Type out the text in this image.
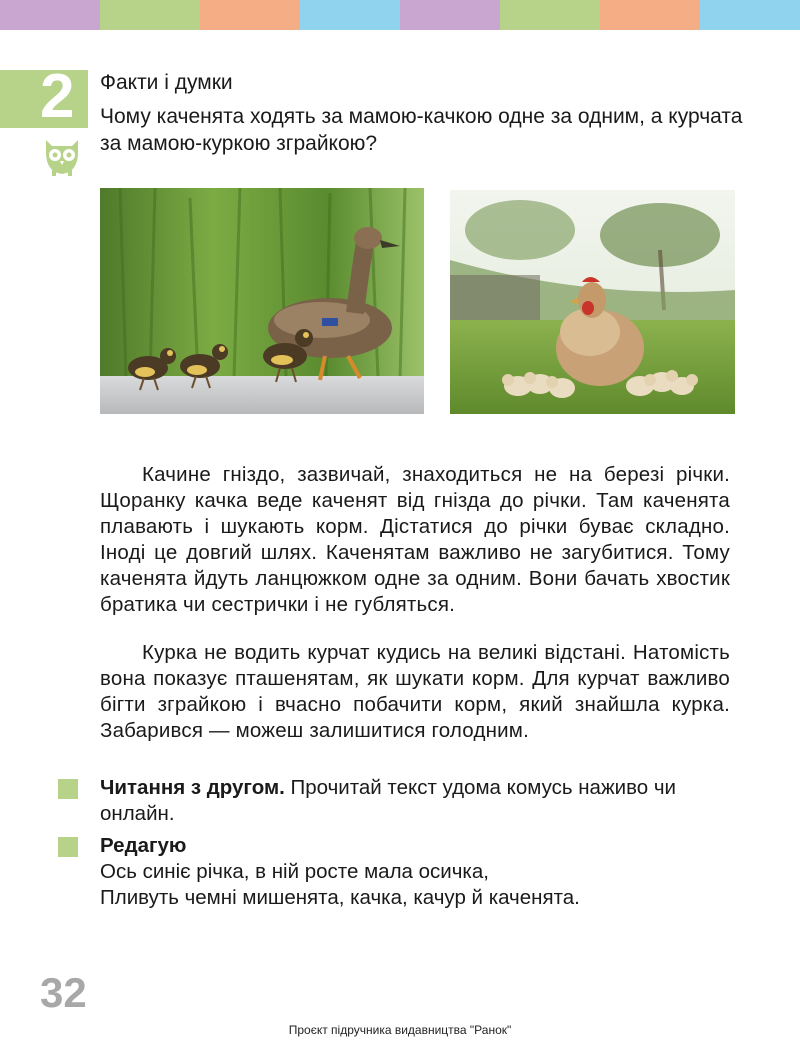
2 Факти і думки
Чому каченята ходять за мамою-качкою одне за одним, а курчата за мамою-куркою зграйкою?

Качине гніздо, зазвичай, знаходиться не на березі річки. Щоранку качка веде каченят від гнізда до річки. Там каченята плавають і шукають корм. Дістатися до річки буває складно. Іноді це довгий шлях. Каченятам важливо не загубитися. Тому каченята йдуть ланцюжком одне за одним. Вони бачать хвостик братика чи сестрички і не губляться.

Курка не водить курчат кудись на великі відстані. Натомість вона показує пташенятам, як шукати корм. Для курчат важливо бігти зграйкою і вчасно побачити корм, який знайшла курка. Забарився — можеш залишитися голодним.

Читання з другом. Прочитай текст удома комусь наживо чи онлайн.
Редагую
Ось синіє річка, в ній росте мала осичка,
Пливуть чемні мишенята, качка, качур й каченята.
32
Проєкт підручника видавництва "Ранок"
